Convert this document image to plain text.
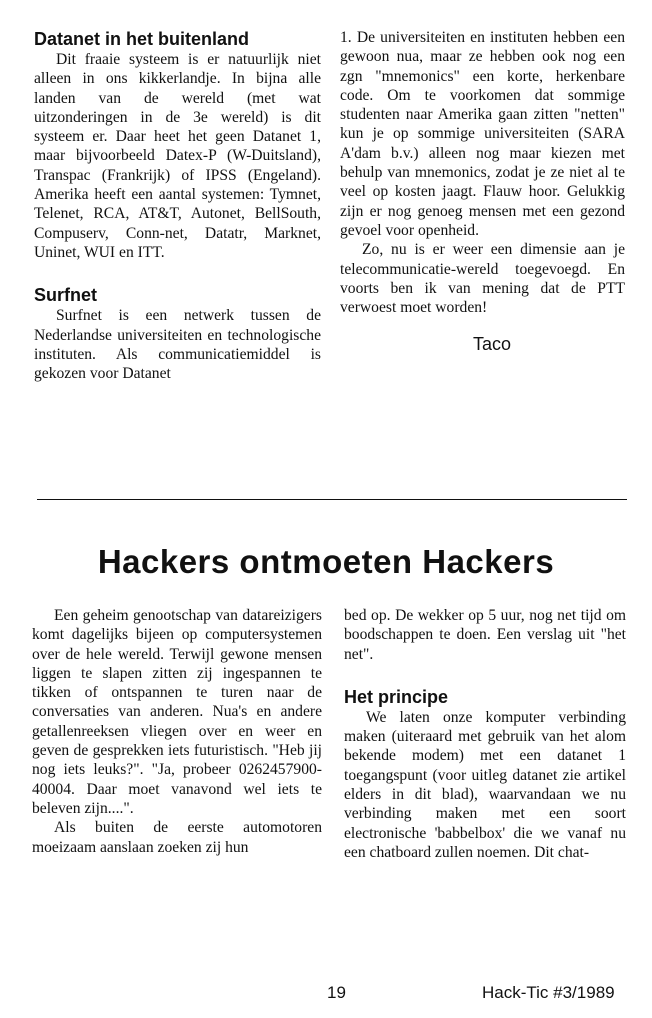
Datanet in het buitenland

Dit fraaie systeem is er natuurlijk niet alleen in ons kikkerlandje. In bijna alle landen van de wereld (met wat uitzonderingen in de 3e wereld) is dit systeem er. Daar heet het geen Datanet 1, maar bijvoorbeeld Datex-P (W-Duitsland), Transpac (Frankrijk) of IPSS (Engeland). Amerika heeft een aantal systemen: Tymnet, Telenet, RCA, AT&T, Autonet, BellSouth, Compuserv, Conn-net, Datatr, Marknet, Uninet, WUI en ITT.

Surfnet

Surfnet is een netwerk tussen de Nederlandse universiteiten en technologische instituten. Als communicatiemiddel is gekozen voor Datanet

1. De universiteiten en instituten hebben een gewoon nua, maar ze hebben ook nog een zgn "mnemonics" een korte, herkenbare code. Om te voorkomen dat sommige studenten naar Amerika gaan zitten "netten" kun je op sommige universiteiten (SARA A'dam b.v.) alleen nog maar kiezen met behulp van mnemonics, zodat je ze niet al te veel op kosten jaagt. Flauw hoor. Gelukkig zijn er nog genoeg mensen met een gezond gevoel voor openheid.

Zo, nu is er weer een dimensie aan je telecommunicatie-wereld toegevoegd. En voorts ben ik van mening dat de PTT verwoest moet worden!

Taco
Hackers ontmoeten Hackers

Een geheim genootschap van datareizigers komt dagelijks bijeen op computersystemen over de hele wereld. Terwijl gewone mensen liggen te slapen zitten zij ingespannen te tikken of ontspannen te turen naar de conversaties van anderen. Nua's en andere getallenreeksen vliegen over en weer en geven de gesprekken iets futuristisch. "Heb jij nog iets leuks?". "Ja, probeer 0262457900-40004. Daar moet vanavond wel iets te beleven zijn....".

Als buiten de eerste automotoren moeizaam aanslaan zoeken zij hun

bed op. De wekker op 5 uur, nog net tijd om boodschappen te doen. Een verslag uit "het net".

Het principe

We laten onze komputer verbinding maken (uiteraard met gebruik van het alom bekende modem) met een datanet 1 toegangspunt (voor uitleg datanet zie artikel elders in dit blad), waarvandaan we nu verbinding maken met een soort electronische 'babbelbox' die we vanaf nu een chatboard zullen noemen. Dit chat-

19	Hack-Tic #3/1989
